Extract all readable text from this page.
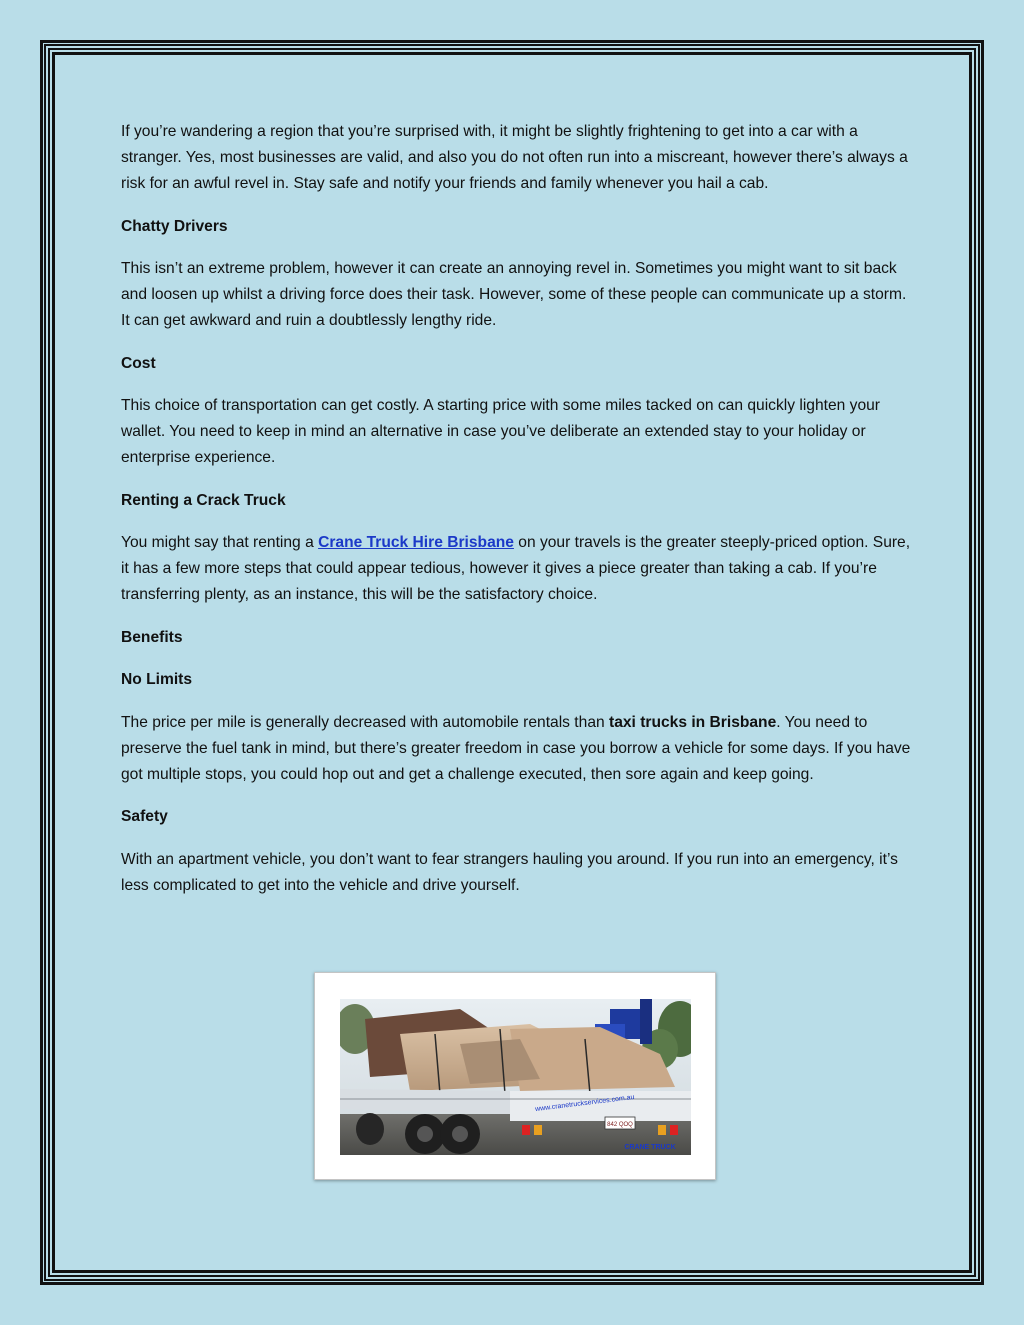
If you’re wandering a region that you’re surprised with, it might be slightly frightening to get into a car with a stranger. Yes, most businesses are valid, and also you do not often run into a miscreant, however there’s always a risk for an awful revel in. Stay safe and notify your friends and family whenever you hail a cab.

Chatty Drivers

This isn’t an extreme problem, however it can create an annoying revel in. Sometimes you might want to sit back and loosen up whilst a driving force does their task. However, some of these people can communicate up a storm. It can get awkward and ruin a doubtlessly lengthy ride.

Cost

This choice of transportation can get costly. A starting price with some miles tacked on can quickly lighten your wallet. You need to keep in mind an alternative in case you’ve deliberate an extended stay to your holiday or enterprise experience.

Renting a Crack Truck

You might say that renting a Crane Truck Hire Brisbane on your travels is the greater steeply-priced option. Sure, it has a few more steps that could appear tedious, however it gives a piece greater than taking a cab. If you’re transferring plenty, as an instance, this will be the satisfactory choice.

Benefits
No Limits

The price per mile is generally decreased with automobile rentals than taxi trucks in Brisbane. You need to preserve the fuel tank in mind, but there’s greater freedom in case you borrow a vehicle for some days. If you have got multiple stops, you could hop out and get a challenge executed, then sore again and keep going.

Safety

With an apartment vehicle, you don’t want to fear strangers hauling you around. If you run into an emergency, it’s less complicated to get into the vehicle and drive yourself.

842 QOQ
www.cranetruckservices.com.au
CRANE TRUCK
